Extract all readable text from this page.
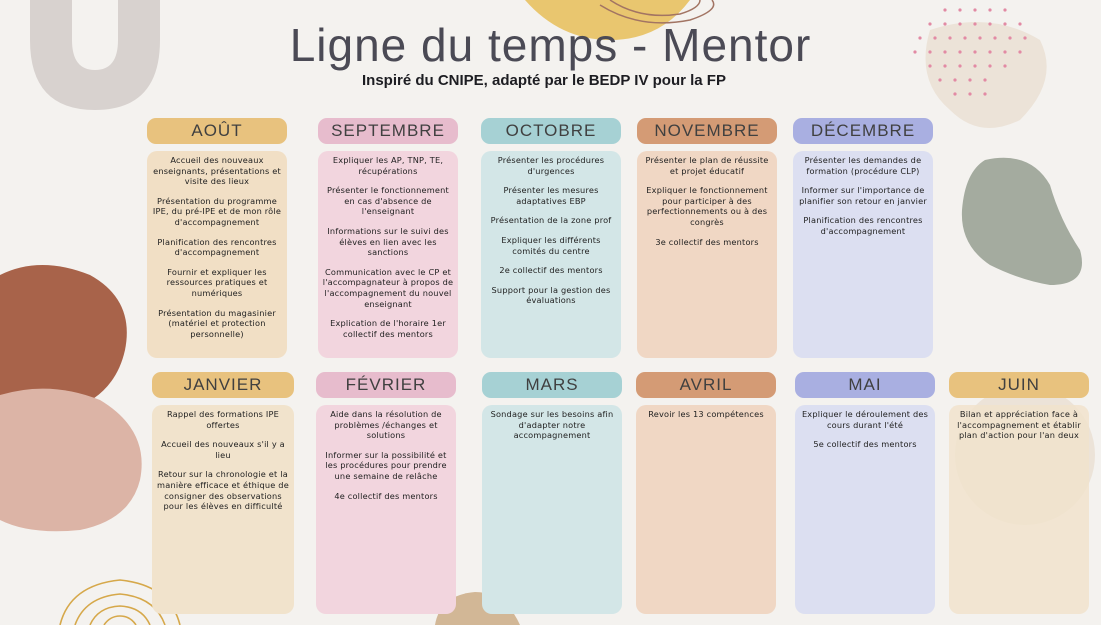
Ligne du temps - Mentor

Inspiré du CNIPE, adapté par le BEDP IV pour la FP

AOÛT

Accueil des nouveaux enseignants, présentations et visite des lieux

Présentation du programme IPE, du pré-IPE et de mon rôle d'accompagnement

Planification des rencontres d'accompagnement

Fournir et expliquer les ressources pratiques et numériques

Présentation du magasinier (matériel et protection personnelle)

SEPTEMBRE

Expliquer les AP, TNP, TE, récupérations

Présenter le fonctionnement en cas d'absence de l'enseignant

Informations sur le suivi des élèves en lien avec les sanctions

Communication avec le CP et l'accompagnateur à propos de l'accompagnement du nouvel enseignant

Explication de l'horaire 1er collectif des mentors

OCTOBRE

Présenter les procédures d'urgences

Présenter les mesures adaptatives EBP

Présentation de la zone prof

Expliquer les différents comités du centre

2e collectif des mentors

Support pour la gestion des évaluations

NOVEMBRE

Présenter le plan de réussite et projet éducatif

Expliquer le fonctionnement pour participer à des perfectionnements ou à des congrès

3e collectif des mentors

DÉCEMBRE

Présenter les demandes de formation (procédure CLP)

Informer sur l'importance de planifier son retour en janvier

Planification des rencontres d'accompagnement

JANVIER

Rappel des formations IPE offertes

Accueil des nouveaux s'il y a lieu

Retour sur la chronologie et la manière efficace et éthique de consigner des observations pour les élèves en difficulté

FÉVRIER

Aide dans la résolution de problèmes /échanges et solutions

Informer sur la possibilité et les procédures pour prendre une semaine de relâche

4e collectif des mentors

MARS

Sondage sur les besoins afin d'adapter notre accompagnement

AVRIL

Revoir les 13 compétences

MAI

Expliquer le déroulement des cours durant l'été

5e collectif des mentors

JUIN

Bilan et appréciation face à l'accompagnement et établir plan d'action pour l'an deux
